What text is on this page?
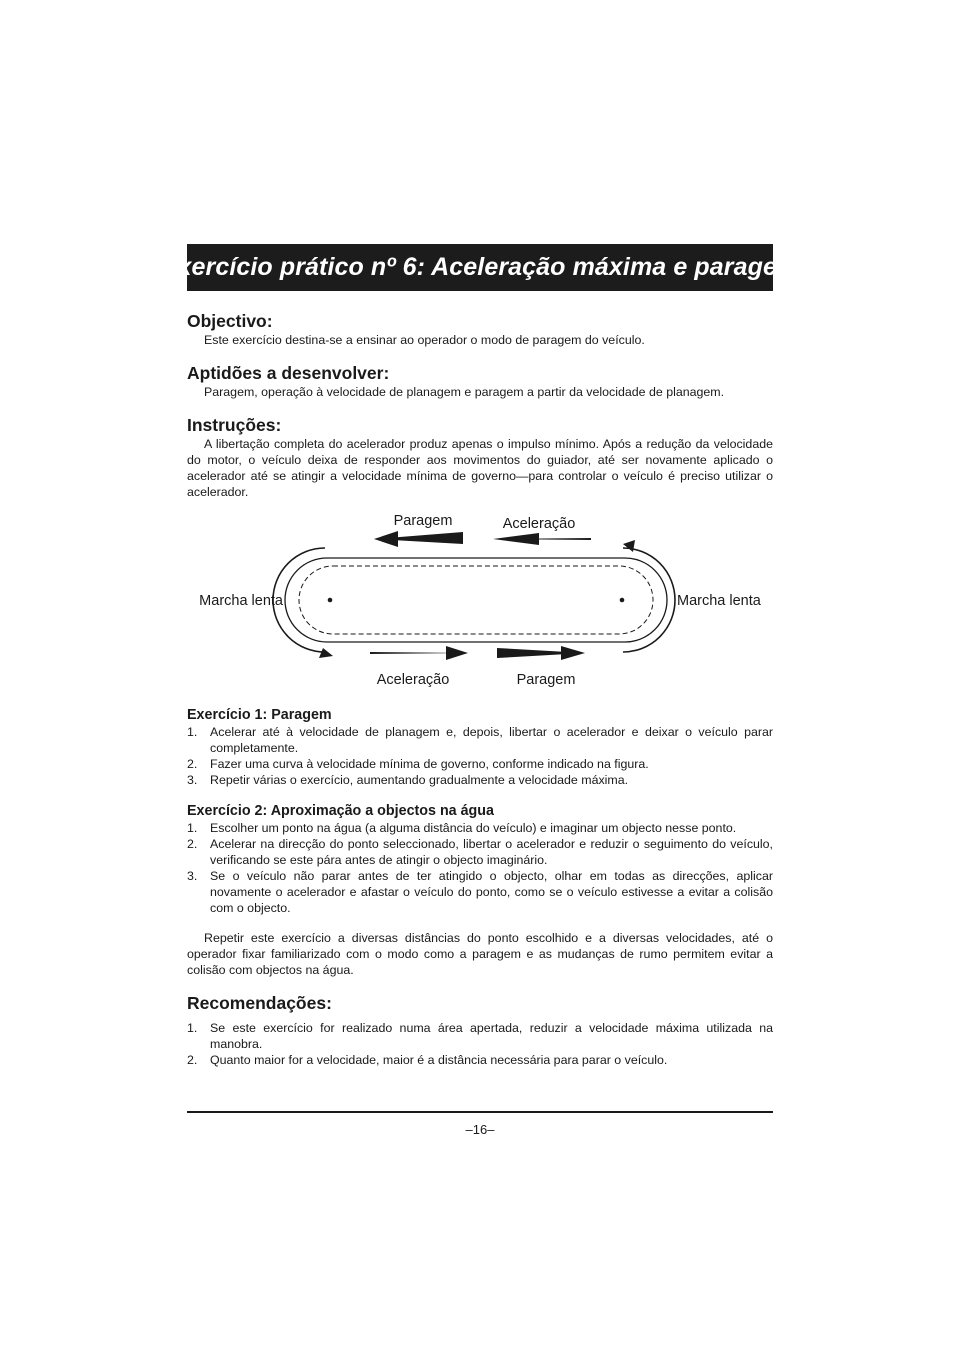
Exercício prático nº 6: Aceleração máxima e paragem
Objectivo:

Este exercício destina-se a ensinar ao operador o modo de paragem do veículo.

Aptidões a desenvolver:

Paragem, operação à velocidade de planagem e paragem a partir da velocidade de planagem.

Instruções:

A libertação completa do acelerador produz apenas o impulso mínimo. Após a redução da velocidade do motor, o veículo deixa de responder aos movimentos do guiador, até ser novamente aplicado o acelerador até se atingir a velocidade mínima de governo—para controlar o veículo é preciso utilizar o acelerador.

Paragem	Aceleração
Aceleração	Paragem
Marcha lenta	Marcha lenta
Exercício 1: Paragem
1. Acelerar até à velocidade de planagem e, depois, libertar o acelerador e deixar o veículo parar completamente.
2. Fazer uma curva à velocidade mínima de governo, conforme indicado na figura.
3. Repetir várias o exercício, aumentando gradualmente a velocidade máxima.
Exercício 2: Aproximação a objectos na água
1. Escolher um ponto na água (a alguma distância do veículo) e imaginar um objecto nesse ponto.
2. Acelerar na direcção do ponto seleccionado, libertar o acelerador e reduzir o seguimento do veículo, verificando se este pára antes de atingir o objecto imaginário.
3. Se o veículo não parar antes de ter atingido o objecto, olhar em todas as direcções, aplicar novamente o acelerador e afastar o veículo do ponto, como se o veículo estivesse a evitar a colisão com o objecto.

Repetir este exercício a diversas distâncias do ponto escolhido e a diversas velocidades, até o operador fixar familiarizado com o modo como a paragem e as mudanças de rumo permitem evitar a colisão com objectos na água.

Recomendações:
1. Se este exercício for realizado numa área apertada, reduzir a velocidade máxima utilizada na manobra.
2. Quanto maior for a velocidade, maior é a distância necessária para parar o veículo.
–16–
